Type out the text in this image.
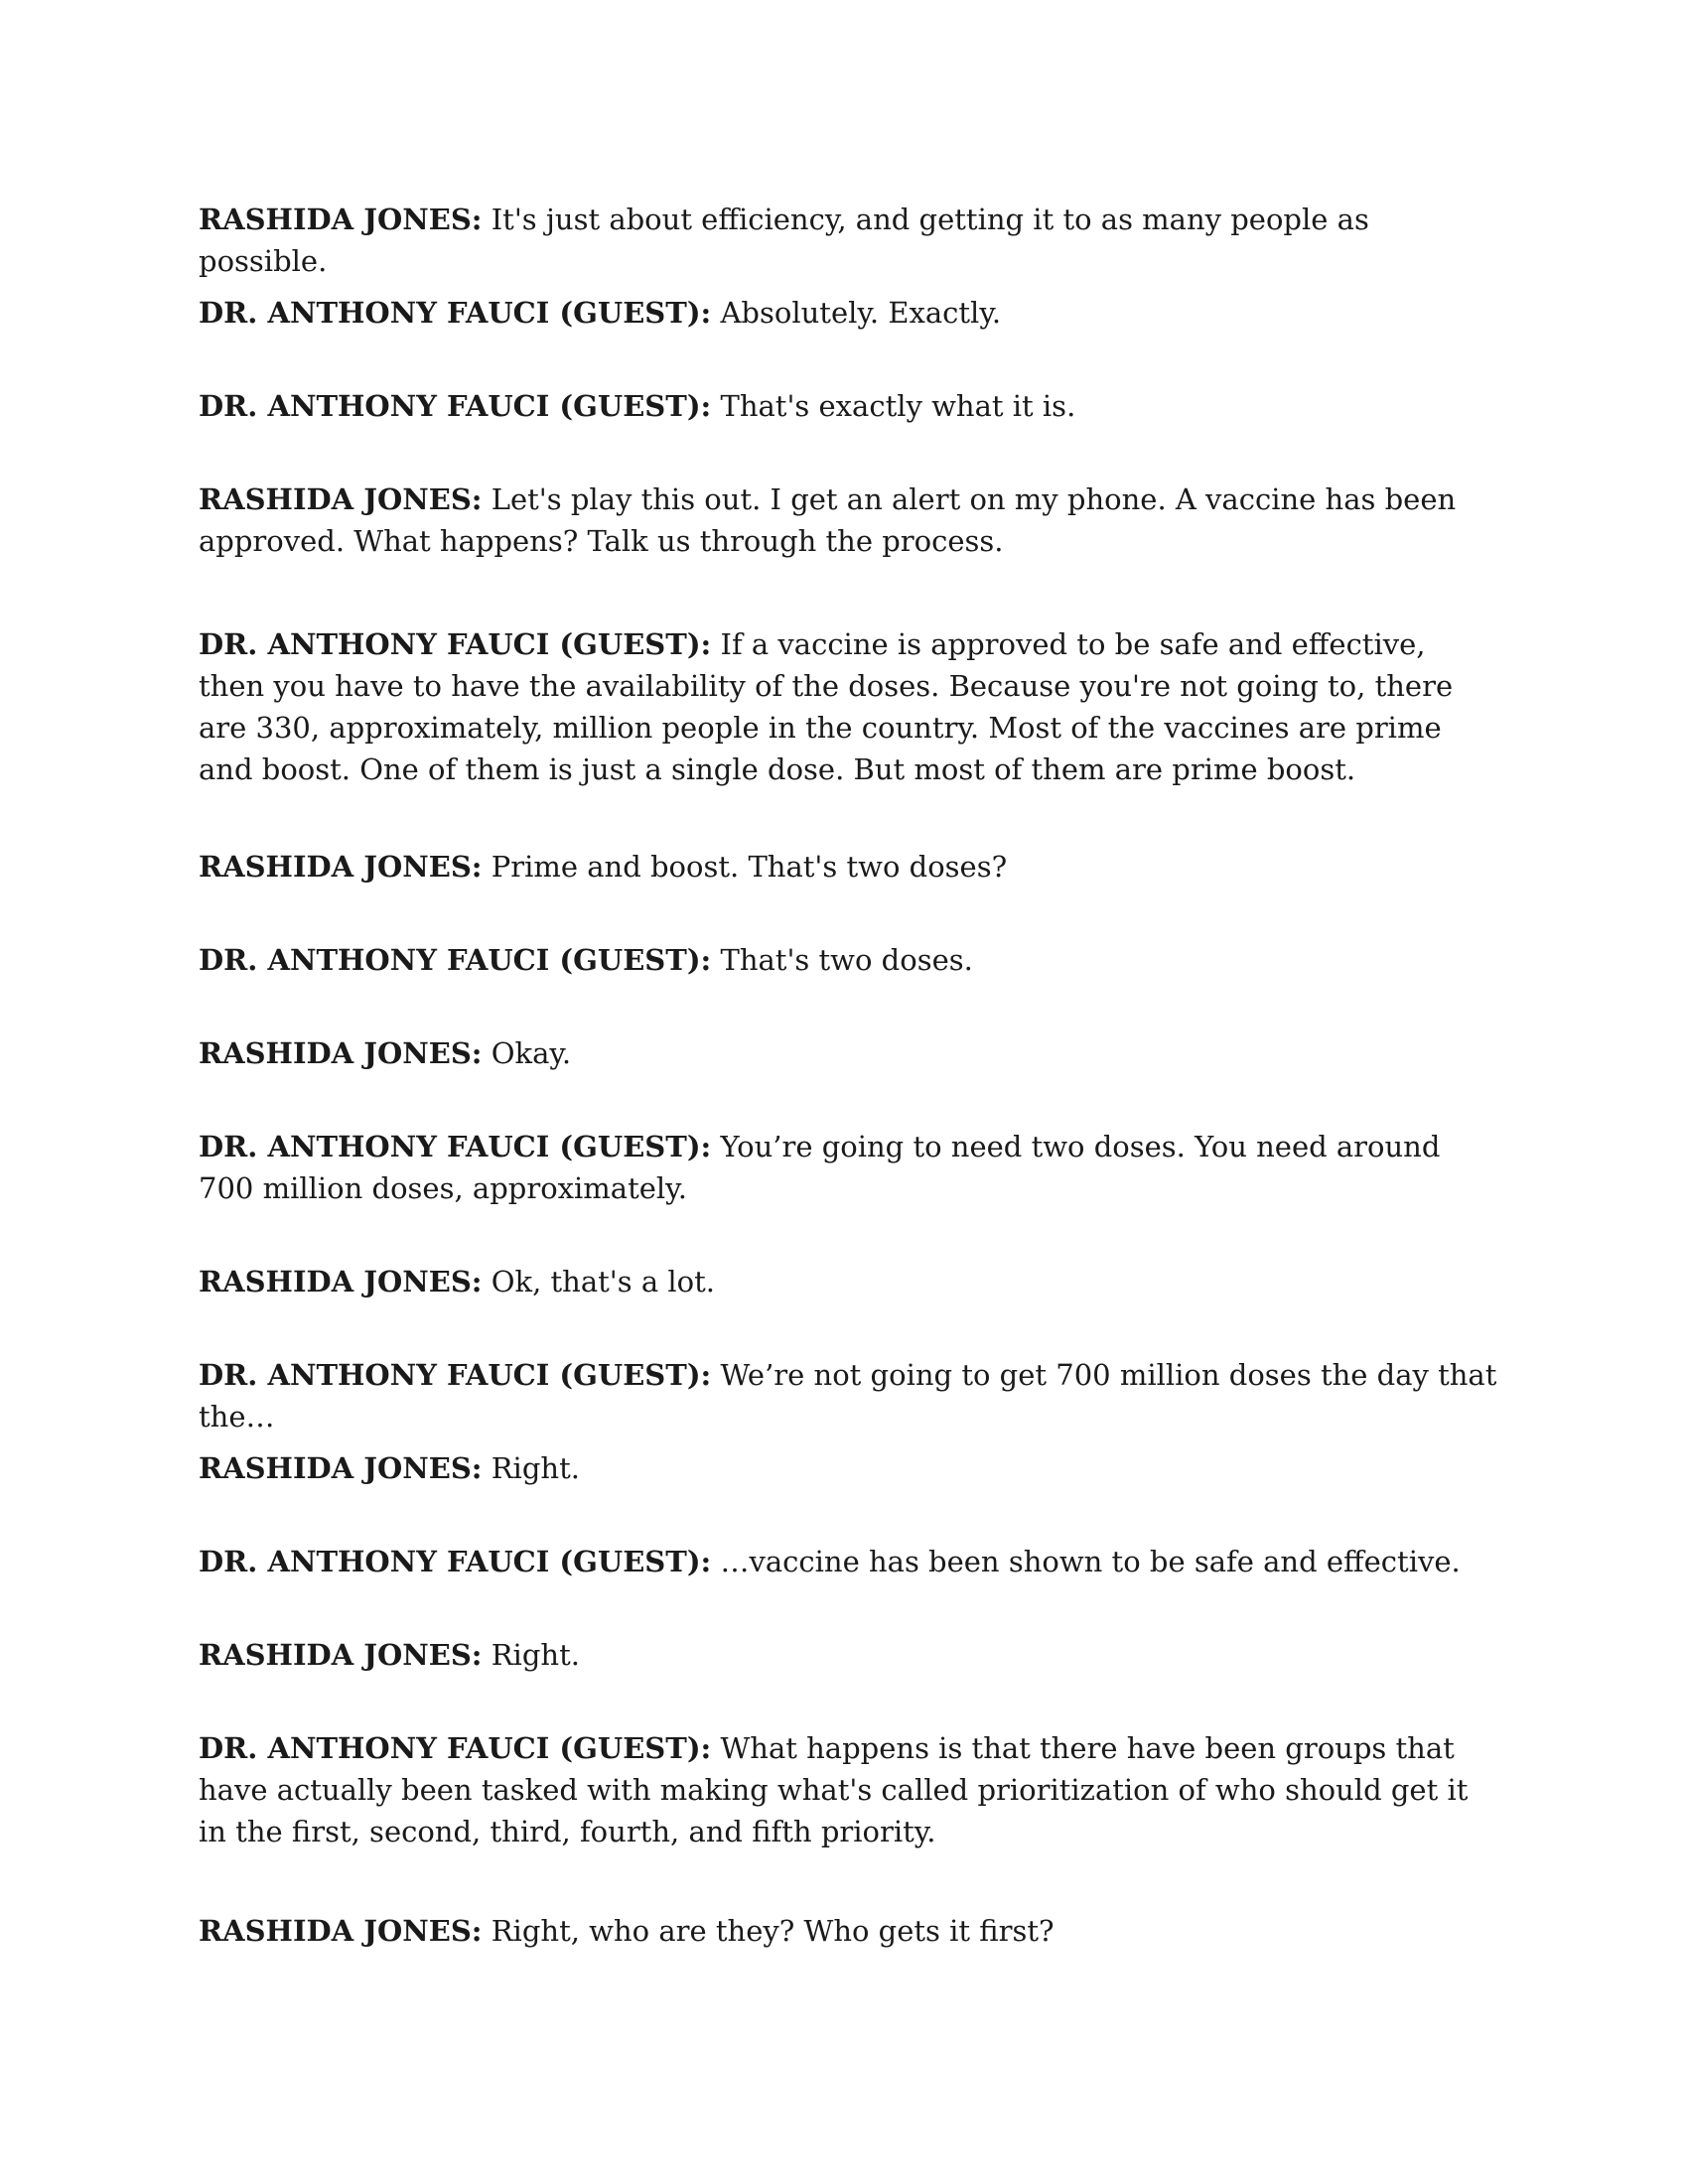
RASHIDA JONES: It's just about efficiency, and getting it to as many people as possible.

DR. ANTHONY FAUCI (GUEST): Absolutely. Exactly.

DR. ANTHONY FAUCI (GUEST): That's exactly what it is.

RASHIDA JONES: Let's play this out. I get an alert on my phone. A vaccine has been approved. What happens? Talk us through the process.

DR. ANTHONY FAUCI (GUEST): If a vaccine is approved to be safe and effective, then you have to have the availability of the doses. Because you're not going to, there are 330, approximately, million people in the country. Most of the vaccines are prime and boost. One of them is just a single dose. But most of them are prime boost.

RASHIDA JONES: Prime and boost. That's two doses?

DR. ANTHONY FAUCI (GUEST): That's two doses.

RASHIDA JONES: Okay.

DR. ANTHONY FAUCI (GUEST): You’re going to need two doses. You need around 700 million doses, approximately.

RASHIDA JONES: Ok, that's a lot.

DR. ANTHONY FAUCI (GUEST): We’re not going to get 700 million doses the day that the…

RASHIDA JONES: Right.

DR. ANTHONY FAUCI (GUEST): …vaccine has been shown to be safe and effective.

RASHIDA JONES: Right.

DR. ANTHONY FAUCI (GUEST): What happens is that there have been groups that have actually been tasked with making what's called prioritization of who should get it in the first, second, third, fourth, and fifth priority.

RASHIDA JONES: Right, who are they? Who gets it first?
